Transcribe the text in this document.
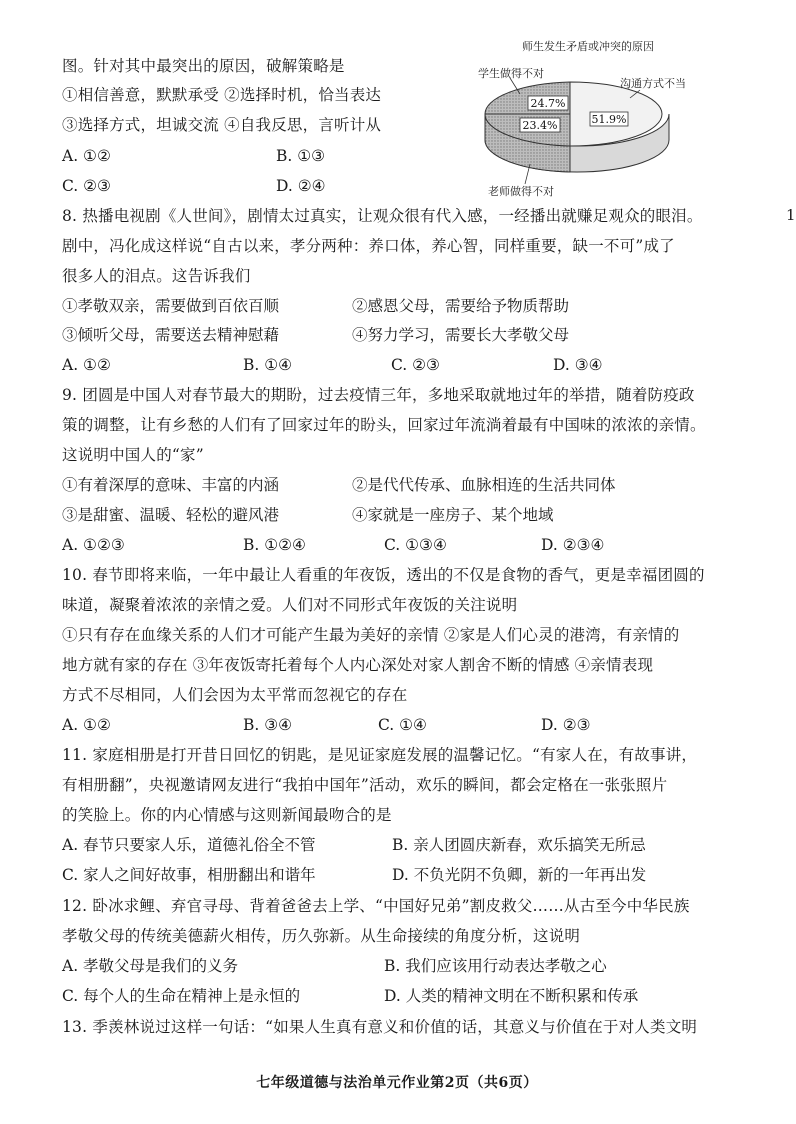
图。针对其中最突出的原因，破解策略是
①相信善意，默默承受 ②选择时机，恰当表达
③选择方式，坦诚交流 ④自我反思，言听计从
A. ①②	B. ①③
C. ②③	D. ②④
师生发生矛盾或冲突的原因
24.7%
23.4%	51.9%
学生做得不对
沟通方式不当
老师做得不对
8. 热播电视剧《人世间》，剧情太过真实，让观众很有代入感，一经播出就赚足观众的眼泪。
剧中，冯化成这样说“自古以来，孝分两种：养口体，养心智，同样重要，缺一不可”成了
很多人的泪点。这告诉我们
①孝敬双亲，需要做到百依百顺	②感恩父母，需要给予物质帮助
③倾听父母，需要送去精神慰藉	④努力学习，需要长大孝敬父母
A. ①②	B. ①④	C. ②③	D. ③④
9. 团圆是中国人对春节最大的期盼，过去疫情三年，多地采取就地过年的举措，随着防疫政
策的调整，让有乡愁的人们有了回家过年的盼头，回家过年流淌着最有中国味的浓浓的亲情。
这说明中国人的“家”
①有着深厚的意味、丰富的内涵	②是代代传承、血脉相连的生活共同体
③是甜蜜、温暖、轻松的避风港	④家就是一座房子、某个地域
A. ①②③	B. ①②④	C. ①③④	D. ②③④
10. 春节即将来临，一年中最让人看重的年夜饭，透出的不仅是食物的香气，更是幸福团圆的
味道，凝聚着浓浓的亲情之爱。人们对不同形式年夜饭的关注说明
①只有存在血缘关系的人们才可能产生最为美好的亲情 ②家是人们心灵的港湾，有亲情的
地方就有家的存在 ③年夜饭寄托着每个人内心深处对家人割舍不断的情感 ④亲情表现
方式不尽相同，人们会因为太平常而忽视它的存在
A. ①②	B. ③④	C. ①④	D. ②③
11. 家庭相册是打开昔日回忆的钥匙，是见证家庭发展的温馨记忆。“有家人在，有故事讲，
有相册翻”，央视邀请网友进行“我拍中国年”活动，欢乐的瞬间，都会定格在一张张照片
的笑脸上。你的内心情感与这则新闻最吻合的是
A. 春节只要家人乐，道德礼俗全不管	B. 亲人团圆庆新春，欢乐搞笑无所忌
C. 家人之间好故事，相册翻出和谐年	D. 不负光阴不负卿，新的一年再出发
12. 卧冰求鲤、弃官寻母、背着爸爸去上学、“中国好兄弟”割皮救父……从古至今中华民族
孝敬父母的传统美德薪火相传，历久弥新。从生命接续的角度分析，这说明
A. 孝敬父母是我们的义务	B. 我们应该用行动表达孝敬之心
C. 每个人的生命在精神上是永恒的	D. 人类的精神文明在不断积累和传承
13. 季羡林说过这样一句话：“如果人生真有意义和价值的话，其意义与价值在于对人类文明
七年级道德与法治单元作业第2页（共6页）
1
